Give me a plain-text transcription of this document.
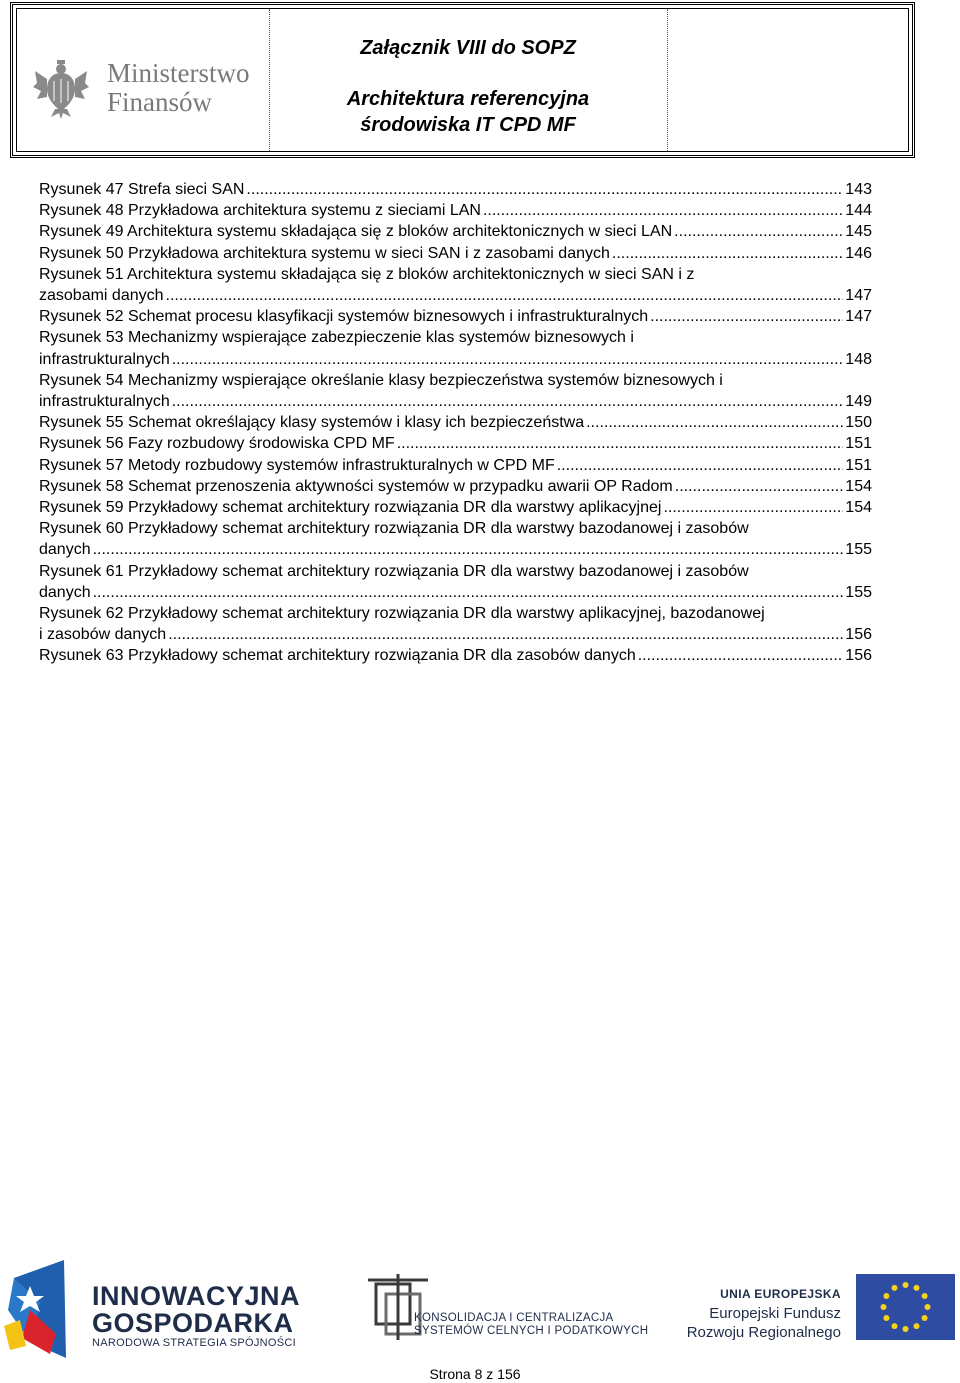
Ministerstwo
Finansów
Załącznik VIII do SOPZ
Architektura referencyjna
środowiska IT CPD MF
Rysunek 47 Strefa sieci SAN .....	143
Rysunek 48 Przykładowa architektura systemu z sieciami LAN .....	144
Rysunek 49 Architektura systemu składająca się z bloków architektonicznych w sieci LAN .....	145
Rysunek 50 Przykładowa architektura systemu w sieci SAN i z zasobami danych .....	146
Rysunek 51 Architektura systemu składająca się z bloków architektonicznych w sieci SAN i z
zasobami danych .....	147
Rysunek 52 Schemat procesu klasyfikacji systemów biznesowych i infrastrukturalnych .....	147
Rysunek 53 Mechanizmy wspierające zabezpieczenie klas systemów biznesowych i
infrastrukturalnych .....	148
Rysunek 54 Mechanizmy wspierające określanie klasy bezpieczeństwa systemów biznesowych i
infrastrukturalnych .....	149
Rysunek 55 Schemat określający klasy systemów i klasy ich bezpieczeństwa .....	150
Rysunek 56 Fazy rozbudowy środowiska CPD MF .....	151
Rysunek 57 Metody rozbudowy systemów infrastrukturalnych w CPD MF .....	151
Rysunek 58 Schemat przenoszenia aktywności systemów w przypadku awarii OP Radom .....	154
Rysunek 59 Przykładowy schemat architektury rozwiązania DR dla warstwy aplikacyjnej .....	154
Rysunek 60 Przykładowy schemat architektury rozwiązania DR dla warstwy bazodanowej i zasobów
danych .....	155
Rysunek 61 Przykładowy schemat architektury rozwiązania DR dla warstwy bazodanowej i zasobów
danych .....	155
Rysunek 62 Przykładowy schemat architektury rozwiązania DR dla warstwy aplikacyjnej, bazodanowej
i zasobów danych .....	156
Rysunek 63 Przykładowy schemat architektury rozwiązania DR dla zasobów danych .....	156
INNOWACYJNA
GOSPODARKA
NARODOWA STRATEGIA SPÓJNOŚCI
KONSOLIDACJA I CENTRALIZACJA
SYSTEMÓW CELNYCH I PODATKOWYCH
UNIA EUROPEJSKA
Europejski Fundusz
Rozwoju Regionalnego
Strona 8 z 156
